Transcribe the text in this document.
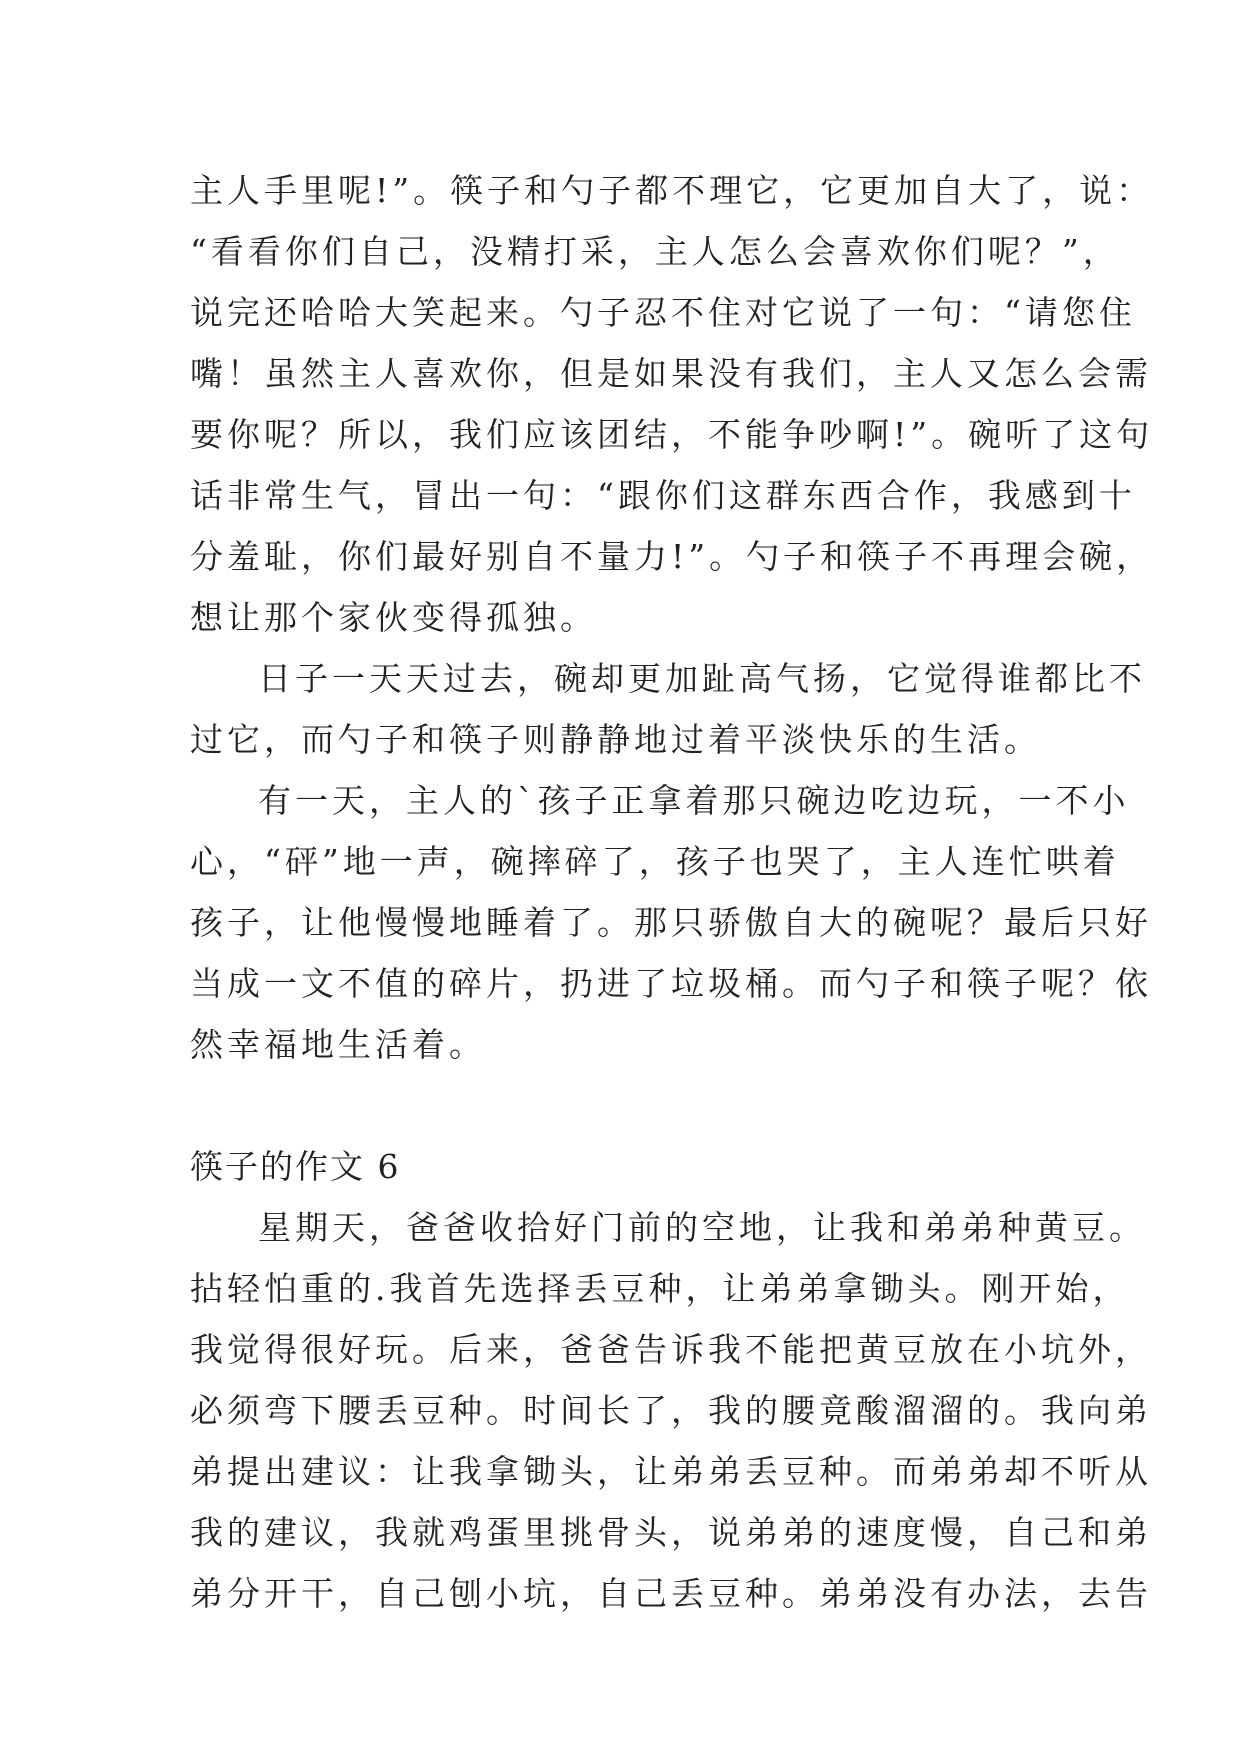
主人手里呢!”。筷子和勺子都不理它，它更加自大了，说：
“看看你们自己，没精打采，主人怎么会喜欢你们呢？”，
说完还哈哈大笑起来。勺子忍不住对它说了一句：“请您住
嘴！虽然主人喜欢你，但是如果没有我们，主人又怎么会需
要你呢？所以，我们应该团结，不能争吵啊!”。碗听了这句
话非常生气，冒出一句：“跟你们这群东西合作，我感到十
分羞耻，你们最好别自不量力!”。勺子和筷子不再理会碗，
想让那个家伙变得孤独。
日子一天天过去，碗却更加趾高气扬，它觉得谁都比不
过它，而勺子和筷子则静静地过着平淡快乐的生活。
有一天，主人的`孩子正拿着那只碗边吃边玩，一不小
心，“砰”地一声，碗摔碎了，孩子也哭了，主人连忙哄着
孩子，让他慢慢地睡着了。那只骄傲自大的碗呢？最后只好
当成一文不值的碎片，扔进了垃圾桶。而勺子和筷子呢？依
然幸福地生活着。
筷子的作文 6
星期天，爸爸收拾好门前的空地，让我和弟弟种黄豆。
拈轻怕重的.我首先选择丢豆种，让弟弟拿锄头。刚开始，
我觉得很好玩。后来，爸爸告诉我不能把黄豆放在小坑外，
必须弯下腰丢豆种。时间长了，我的腰竟酸溜溜的。我向弟
弟提出建议：让我拿锄头，让弟弟丢豆种。而弟弟却不听从
我的建议，我就鸡蛋里挑骨头，说弟弟的速度慢，自己和弟
弟分开干，自己刨小坑，自己丢豆种。弟弟没有办法，去告
